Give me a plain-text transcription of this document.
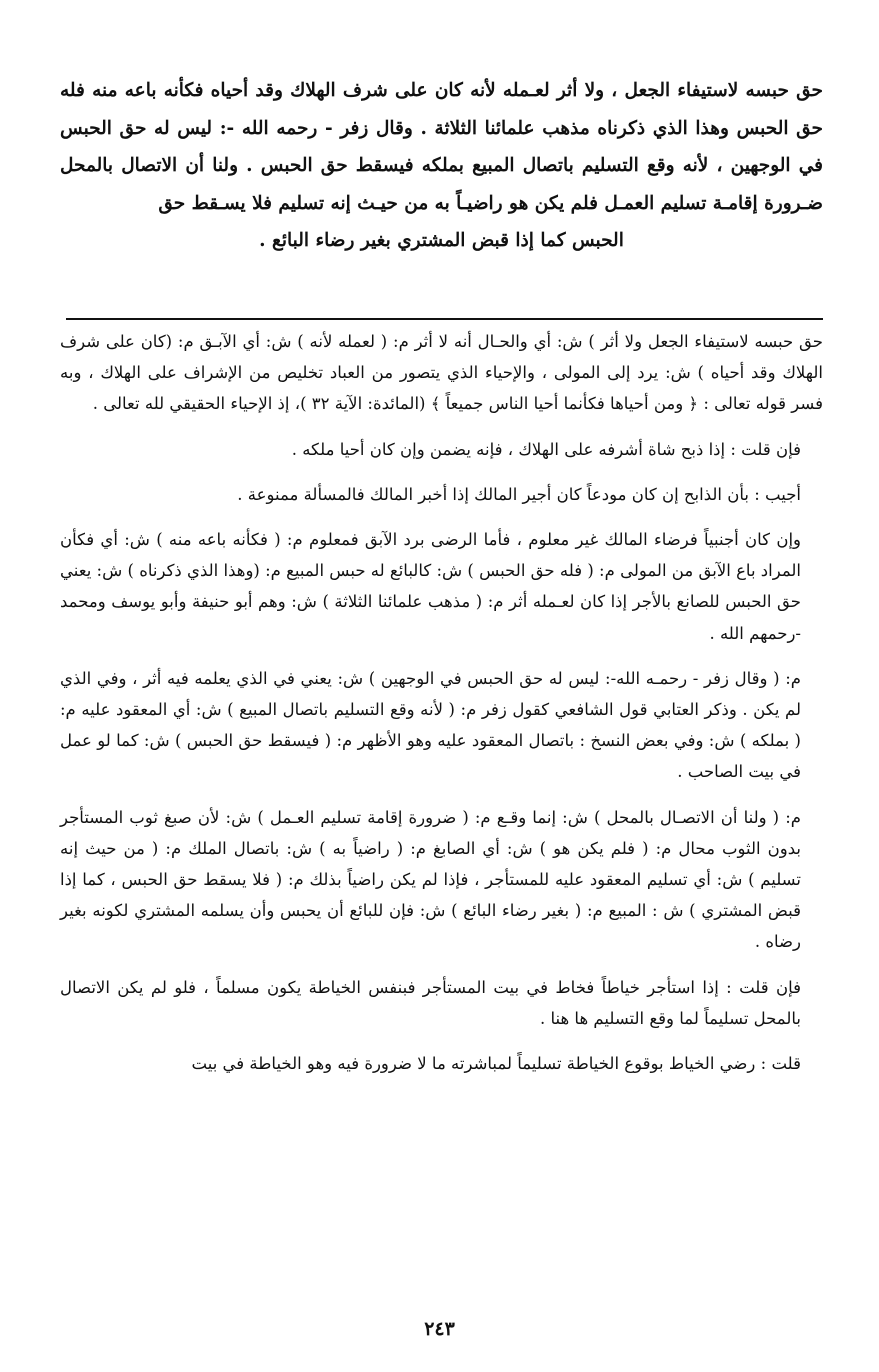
حق حبسه لاستيفاء الجعل ، ولا أثر لعـمله لأنه كان على شرف الهلاك وقد أحياه فكأنه باعه منه فله حق الحبس وهذا الذي ذكرناه مذهب علمائنا الثلاثة . وقال زفر - رحمه الله -: ليس له حق الحبس في الوجهين ، لأنه وقع التسليم باتصال المبيع بملكه فيسقط حق الحبس . ولنا أن الاتصال بالمحل ضـرورة إقامـة تسليم العمـل فلم يكن هو راضيـاً به من حيـث إنه تسليم فلا يسـقط حق
الحبس كما إذا قبض المشتري بغير رضاء البائع .

حق حبسه لاستيفاء الجعل ولا أثر ) ش: أي والحـال أنه لا أثر م: ( لعمله لأنه ) ش: أي الآبـق م: (كان على شرف الهلاك وقد أحياه ) ش: يرد إلى المولى ، والإحياء الذي يتصور من العباد تخليص من الإشراف على الهلاك ، وبه فسر قوله تعالى : ﴿ ومن أحياها فكأنما أحيا الناس جميعاً ﴾ (المائدة: الآية ٣٢ )، إذ الإحياء الحقيقي لله تعالى .

فإن قلت : إذا ذبح شاة أشرفه على الهلاك ، فإنه يضمن وإن كان أحيا ملكه .

أجيب : بأن الذابح إن كان مودعاً كان أجير المالك إذا أخبر المالك فالمسألة ممنوعة .

وإن كان أجنبياً فرضاء المالك غير معلوم ، فأما الرضى برد الآبق فمعلوم م: ( فكأنه باعه منه ) ش: أي فكأن المراد باع الآبق من المولى م: ( فله حق الحبس ) ش: كالبائع له حبس المبيع م: (وهذا الذي ذكرناه ) ش: يعني حق الحبس للصانع بالأجر إذا كان لعـمله أثر م: ( مذهب علمائنا الثلاثة ) ش: وهم أبو حنيفة وأبو يوسف ومحمد -رحمهم الله .

م: ( وقال زفر - رحمـه الله-: ليس له حق الحبس في الوجهين ) ش: يعني في الذي يعلمه فيه أثر ، وفي الذي لم يكن . وذكر العتابي قول الشافعي كقول زفر م: ( لأنه وقع التسليم باتصال المبيع ) ش: أي المعقود عليه م: ( بملكه ) ش: وفي بعض النسخ : باتصال المعقود عليه وهو الأظهر م: ( فيسقط حق الحبس ) ش: كما لو عمل في بيت الصاحب .

م: ( ولنا أن الاتصـال بالمحل ) ش: إنما وقـع م: ( ضرورة إقامة تسليم العـمل ) ش: لأن صبغ ثوب المستأجر بدون الثوب محال م: ( فلم يكن هو ) ش: أي الصابغ م: ( راضياً به ) ش: باتصال الملك م: ( من حيث إنه تسليم ) ش: أي تسليم المعقود عليه للمستأجر ، فإذا لم يكن راضياً بذلك م: ( فلا يسقط حق الحبس ، كما إذا قبض المشتري ) ش : المبيع م: ( بغير رضاء البائع ) ش: فإن للبائع أن يحبس وأن يسلمه المشتري لكونه بغير رضاه .

فإن قلت : إذا استأجر خياطاً فخاط في بيت المستأجر فبنفس الخياطة يكون مسلماً ، فلو لم يكن الاتصال بالمحل تسليماً لما وقع التسليم ها هنا .

قلت : رضي الخياط بوقوع الخياطة تسليماً لمباشرته ما لا ضرورة فيه وهو الخياطة في بيت

٢٤٣
